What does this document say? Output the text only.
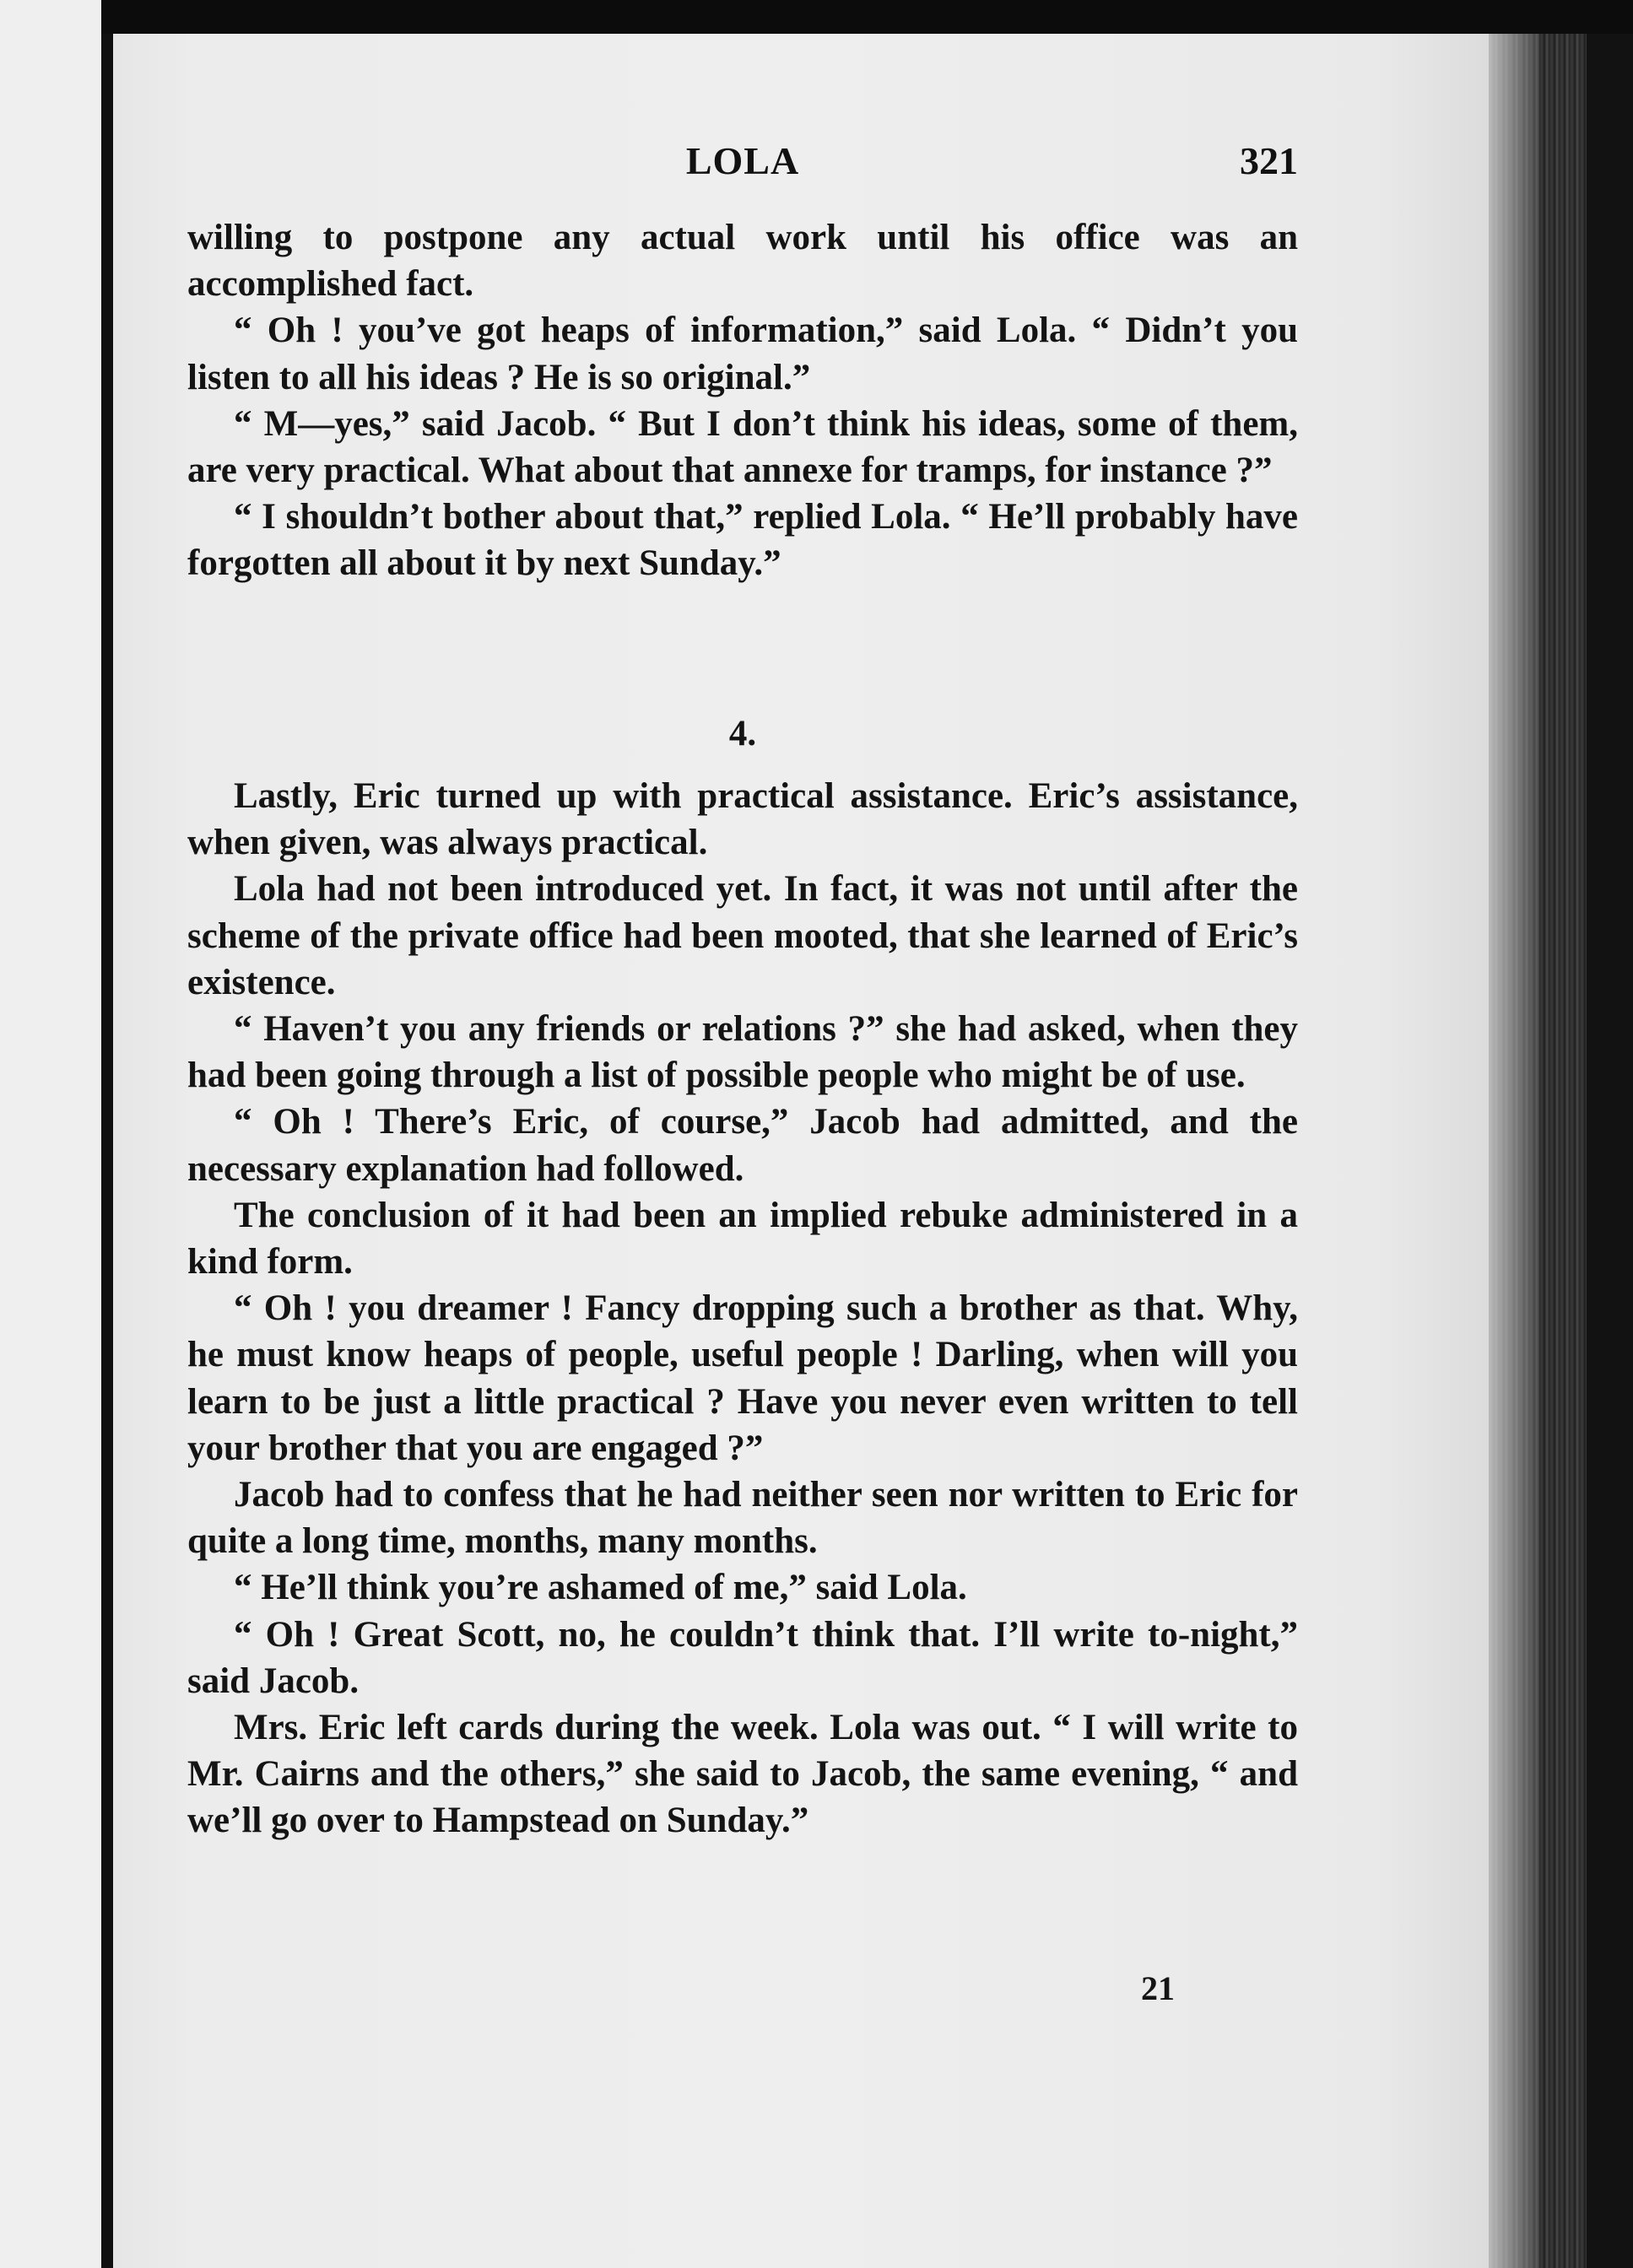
LOLA	321

willing to postpone any actual work until his office was an accomplished fact.

“ Oh ! you’ve got heaps of information,” said Lola. “ Didn’t you listen to all his ideas ? He is so original.”

“ M—yes,” said Jacob. “ But I don’t think his ideas, some of them, are very practical. What about that annexe for tramps, for instance ?”

“ I shouldn’t bother about that,” replied Lola. “ He’ll probably have forgotten all about it by next Sunday.”

4.

Lastly, Eric turned up with practical assistance. Eric’s assistance, when given, was always practical.

Lola had not been introduced yet. In fact, it was not until after the scheme of the private office had been mooted, that she learned of Eric’s existence.

“ Haven’t you any friends or relations ?” she had asked, when they had been going through a list of possible people who might be of use.

“ Oh ! There’s Eric, of course,” Jacob had admitted, and the necessary explanation had followed.

The conclusion of it had been an implied rebuke administered in a kind form.

“ Oh ! you dreamer ! Fancy dropping such a brother as that. Why, he must know heaps of people, useful people ! Darling, when will you learn to be just a little practical ? Have you never even written to tell your brother that you are engaged ?”

Jacob had to confess that he had neither seen nor written to Eric for quite a long time, months, many months.

“ He’ll think you’re ashamed of me,” said Lola.

“ Oh ! Great Scott, no, he couldn’t think that. I’ll write to-night,” said Jacob.

Mrs. Eric left cards during the week. Lola was out. “ I will write to Mr. Cairns and the others,” she said to Jacob, the same evening, “ and we’ll go over to Hampstead on Sunday.”

21
